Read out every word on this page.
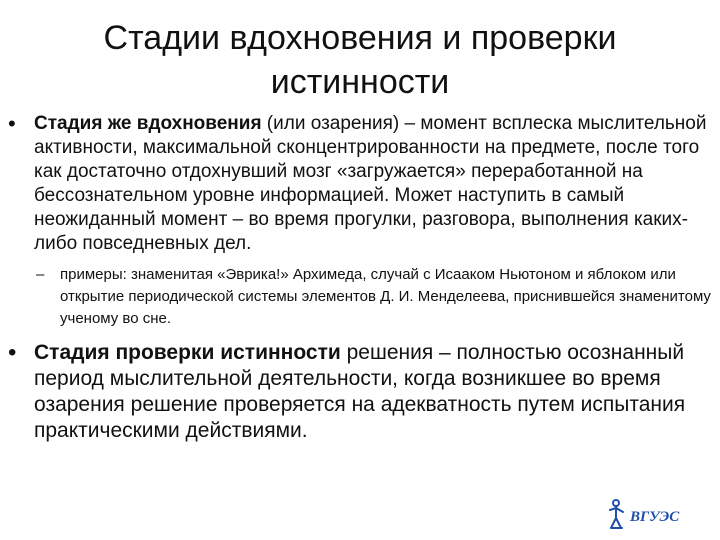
Стадии вдохновения и проверки истинности
• Стадия же вдохновения (или озарения) – момент всплеска мыслительной активности, максимальной сконцентрированности на предмете, после того как достаточно отдохнувший мозг «загружается» переработанной на бессознательном уровне информацией. Может наступить в самый неожиданный момент – во время прогулки, разговора, выполнения каких-либо повседневных дел.
–	примеры: знаменитая «Эврика!» Архимеда, случай с Исааком Ньютоном и яблоком или открытие периодической системы элементов Д. И. Менделеева, приснившейся знаменитому ученому во сне.
• Стадия проверки истинности решения – полностью осознанный период мыслительной деятельности, когда возникшее во время озарения решение проверяется на адекватность путем испытания практическими действиями.
ВГУЭС
